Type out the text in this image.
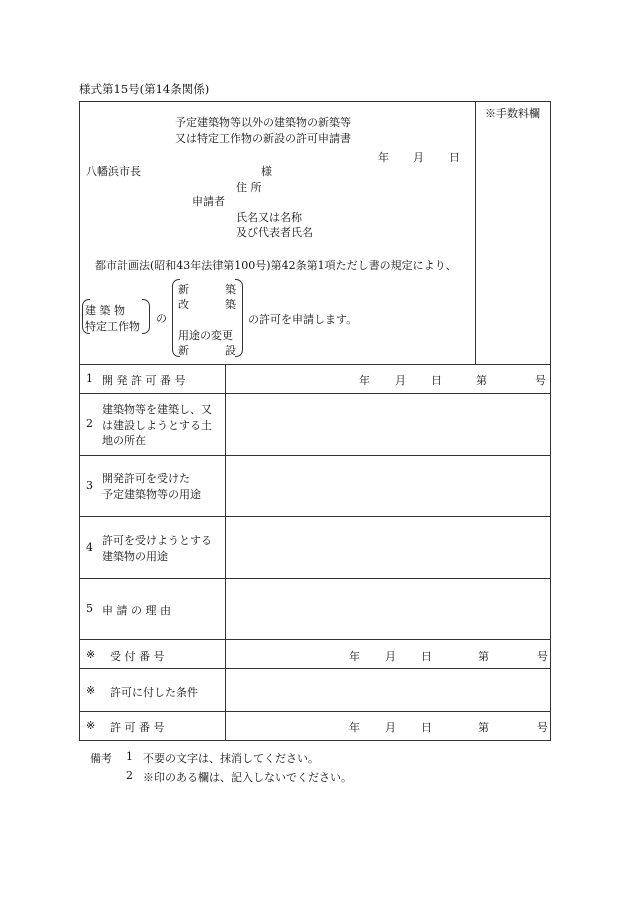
様式第15号(第14条関係)
※手数料欄
予定建築物等以外の建築物の新築等
又は特定工作物の新設の許可申請書
年 月 日
八幡浜市長	様
住 所
申請者
氏名又は名称
及び代表者氏名
都市計画法(昭和43年法律第100号)第42条第1項ただし書の規定により、
建 築 物
特定工作物
の
新	築
改	築
用途の変更
新	設
の許可を申請します。
1 開 発 許 可 番 号	年 月 日	第	号
2
建築物等を建築し、又
は建設しようとする土
地の所在
3
開発許可を受けた
予定建築物等の用途
4
許可を受けようとする
建築物の用途
5 申 請 の 理 由
※ 受 付 番 号	年 月 日	第	号
※ 許可に付した条件
※ 許 可 番 号	年 月 日	第	号
備考 1 不要の文字は、抹消してください。
2 ※印のある欄は、記入しないでください。
